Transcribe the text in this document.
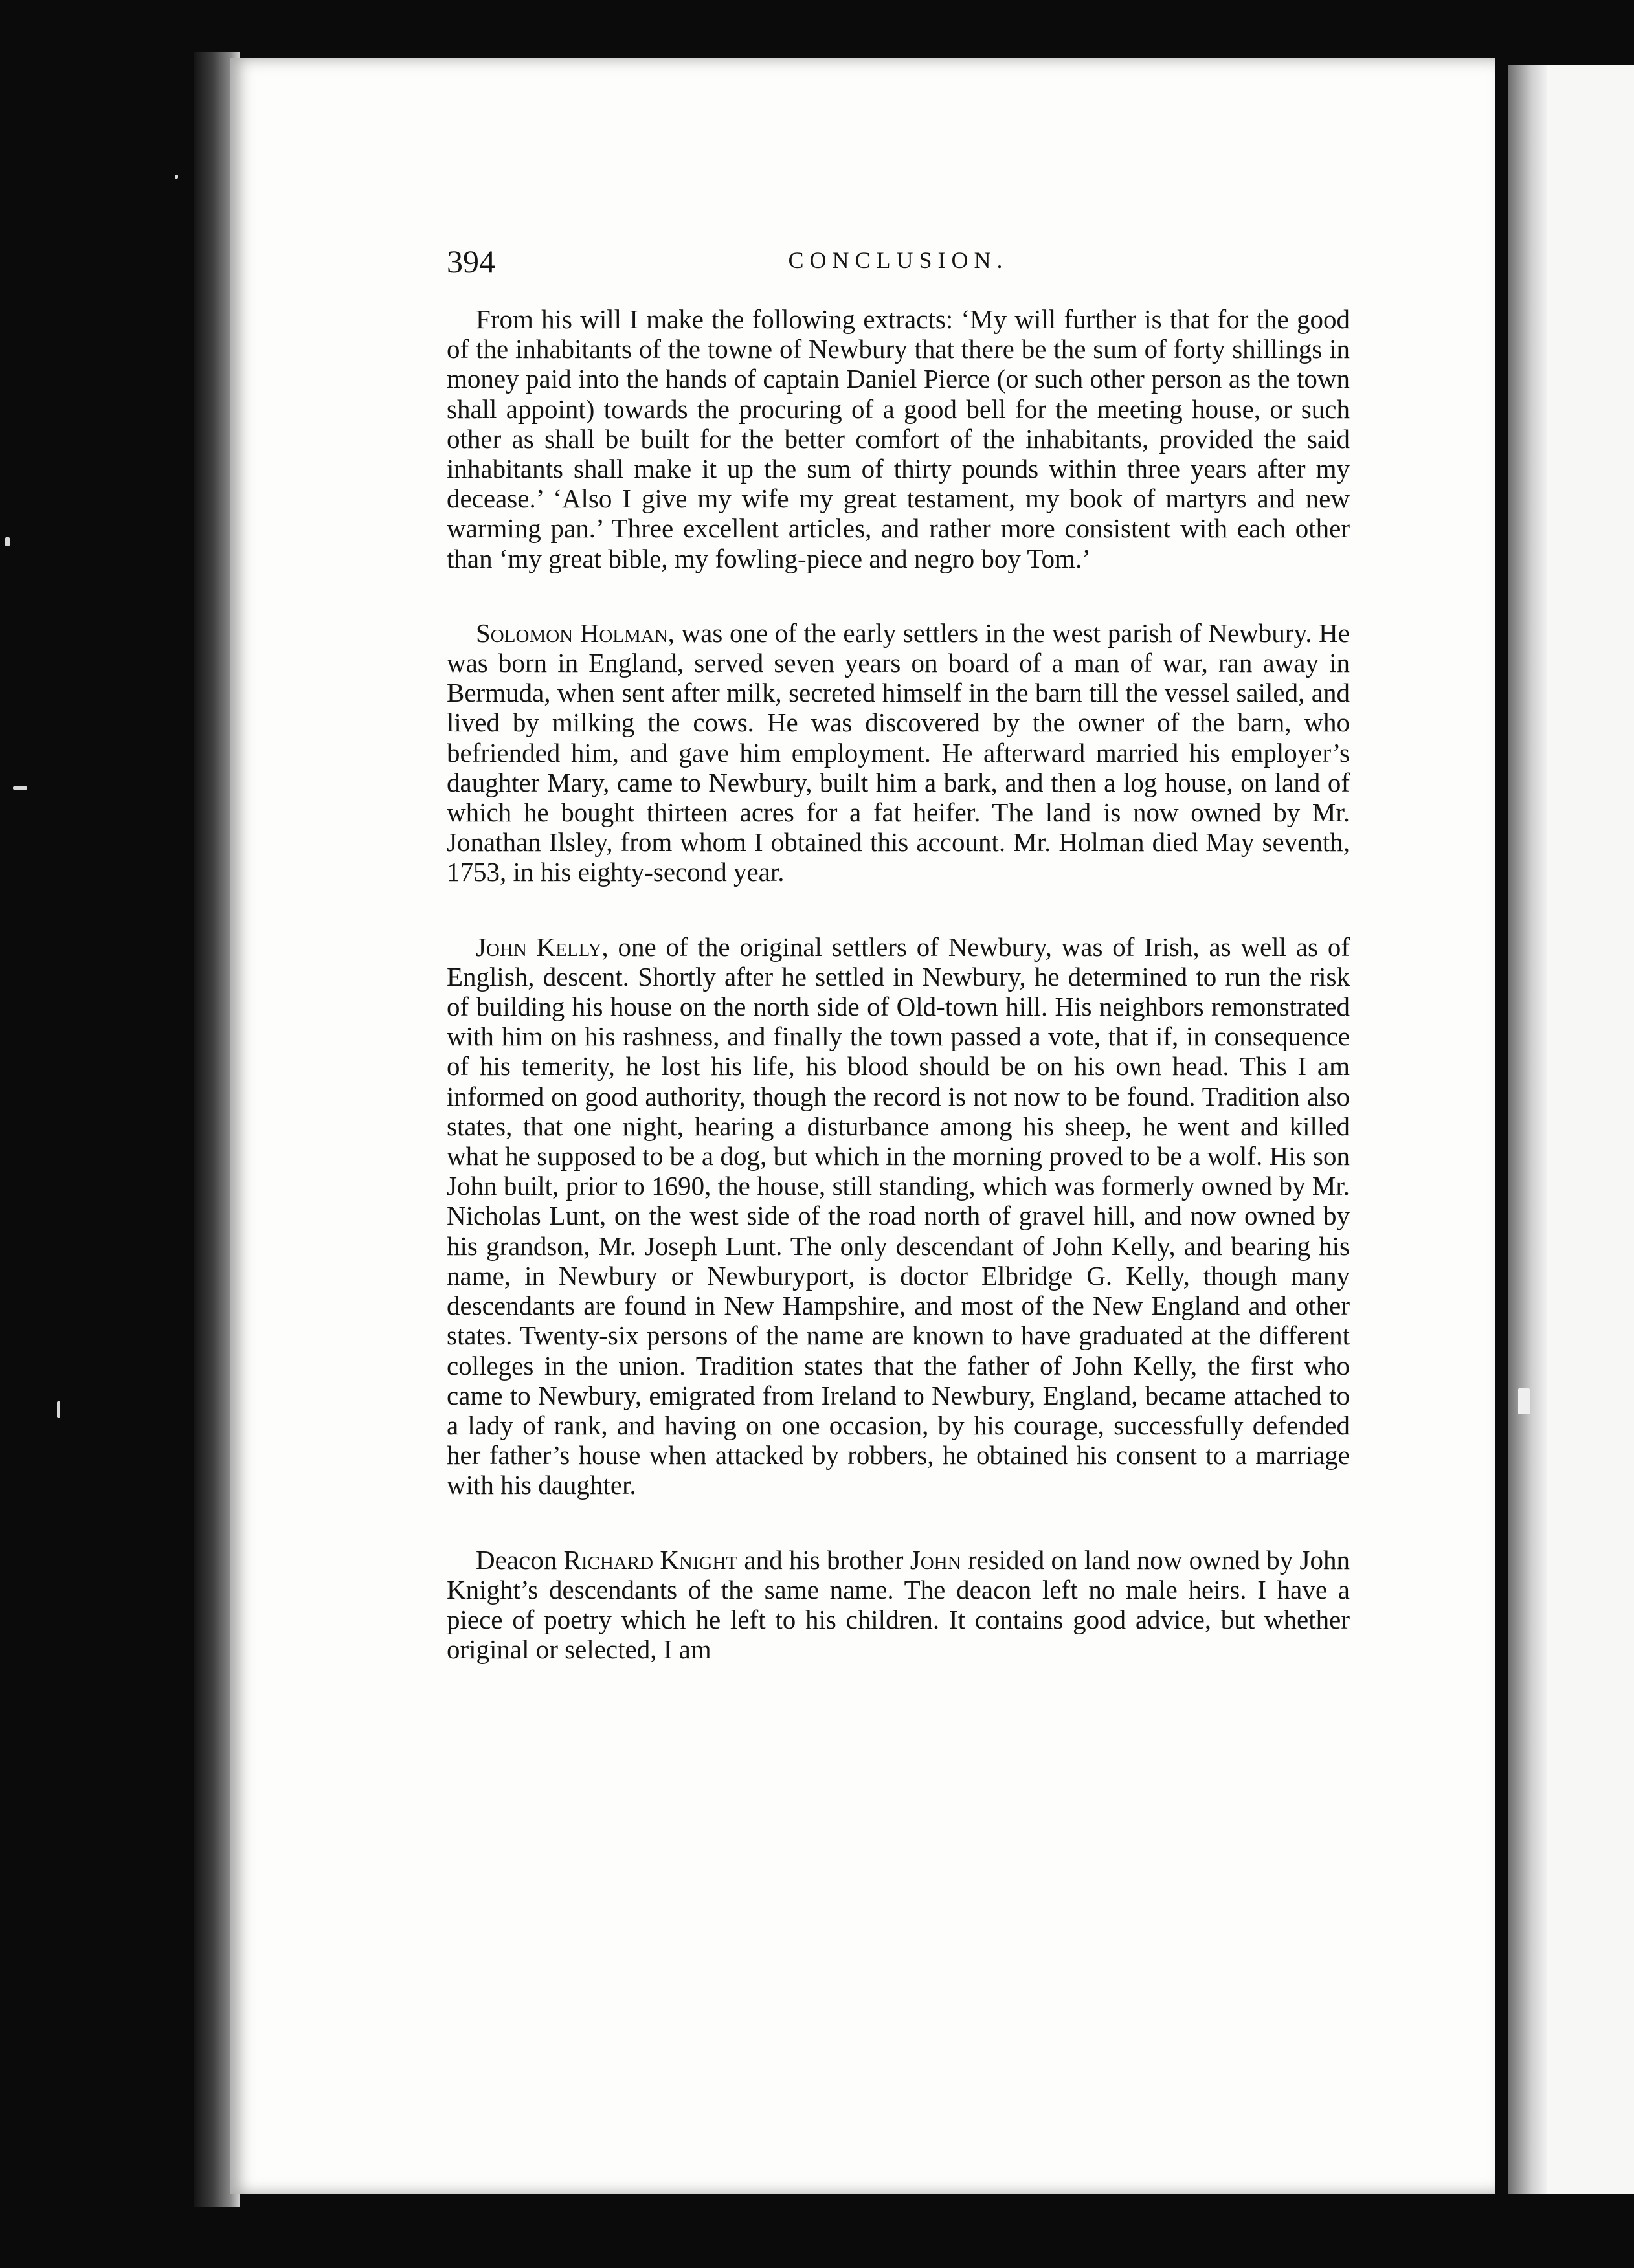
394	CONCLUSION.

From his will I make the following extracts: ‘My will further is that for the good of the inhabitants of the towne of Newbury that there be the sum of forty shillings in money paid into the hands of captain Daniel Pierce (or such other person as the town shall appoint) towards the procuring of a good bell for the meeting house, or such other as shall be built for the better comfort of the inhabitants, provided the said inhabitants shall make it up the sum of thirty pounds within three years after my decease.’ ‘Also I give my wife my great testament, my book of martyrs and new warming pan.’ Three excellent articles, and rather more consistent with each other than ‘my great bible, my fowling-piece and negro boy Tom.’

Solomon Holman, was one of the early settlers in the west parish of Newbury. He was born in England, served seven years on board of a man of war, ran away in Bermuda, when sent after milk, secreted himself in the barn till the vessel sailed, and lived by milking the cows. He was discovered by the owner of the barn, who befriended him, and gave him employment. He afterward married his employer’s daughter Mary, came to Newbury, built him a bark, and then a log house, on land of which he bought thirteen acres for a fat heifer. The land is now owned by Mr. Jonathan Ilsley, from whom I obtained this account. Mr. Holman died May seventh, 1753, in his eighty-second year.

John Kelly, one of the original settlers of Newbury, was of Irish, as well as of English, descent. Shortly after he settled in Newbury, he determined to run the risk of building his house on the north side of Old-town hill. His neighbors remonstrated with him on his rashness, and finally the town passed a vote, that if, in consequence of his temerity, he lost his life, his blood should be on his own head. This I am informed on good authority, though the record is not now to be found. Tradition also states, that one night, hearing a disturbance among his sheep, he went and killed what he supposed to be a dog, but which in the morning proved to be a wolf. His son John built, prior to 1690, the house, still standing, which was formerly owned by Mr. Nicholas Lunt, on the west side of the road north of gravel hill, and now owned by his grandson, Mr. Joseph Lunt. The only descendant of John Kelly, and bearing his name, in Newbury or Newburyport, is doctor Elbridge G. Kelly, though many descendants are found in New Hampshire, and most of the New England and other states. Twenty-six persons of the name are known to have graduated at the different colleges in the union. Tradition states that the father of John Kelly, the first who came to Newbury, emigrated from Ireland to Newbury, England, became attached to a lady of rank, and having on one occasion, by his courage, successfully defended her father’s house when attacked by robbers, he obtained his consent to a marriage with his daughter.

Deacon Richard Knight and his brother John resided on land now owned by John Knight’s descendants of the same name. The deacon left no male heirs. I have a piece of poetry which he left to his children. It contains good advice, but whether original or selected, I am
